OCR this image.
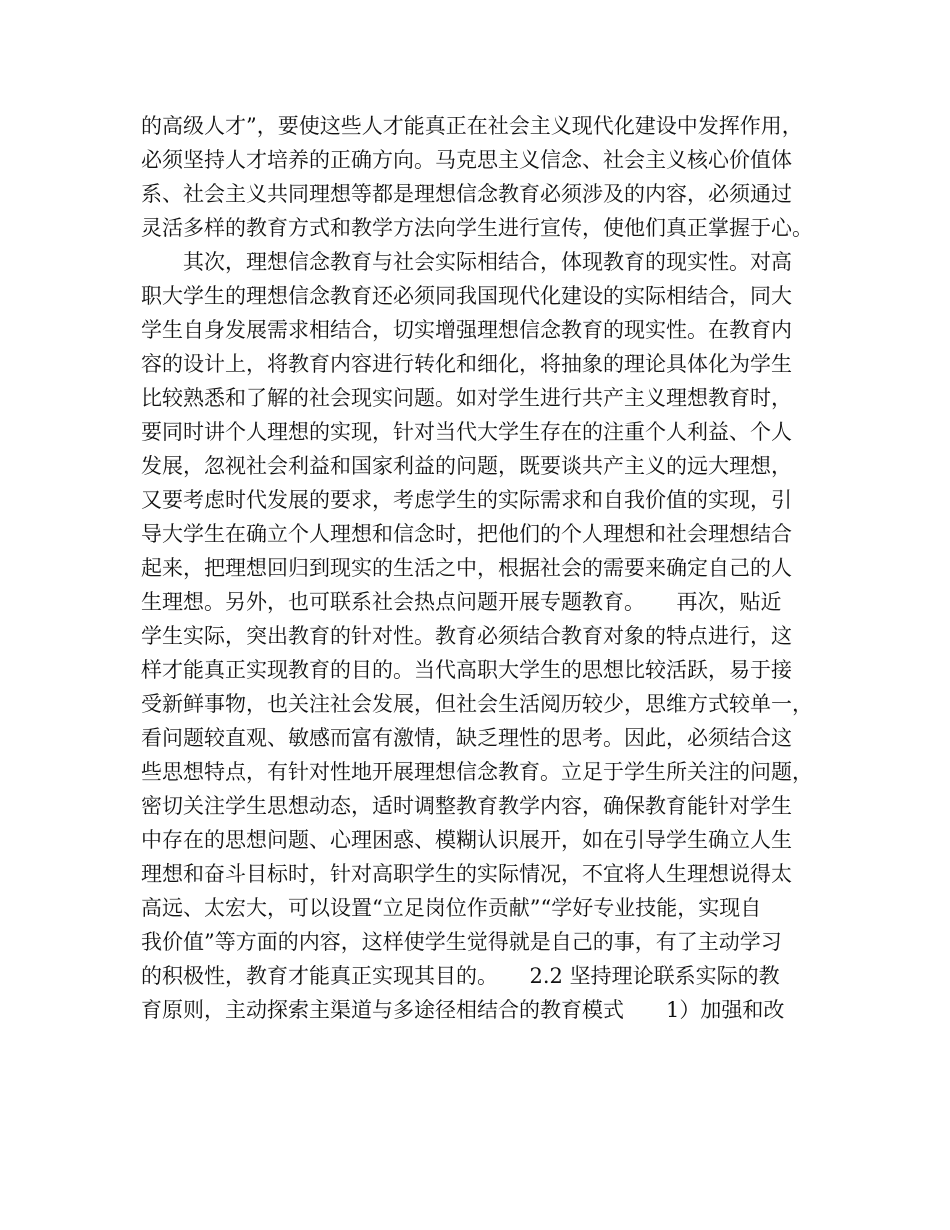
的高级人才”，要使这些人才能真正在社会主义现代化建设中发挥作用，
必须坚持人才培养的正确方向。马克思主义信念、社会主义核心价值体
系、社会主义共同理想等都是理想信念教育必须涉及的内容，必须通过
灵活多样的教育方式和教学方法向学生进行宣传，使他们真正掌握于心。
　　其次，理想信念教育与社会实际相结合，体现教育的现实性。对高
职大学生的理想信念教育还必须同我国现代化建设的实际相结合，同大
学生自身发展需求相结合，切实增强理想信念教育的现实性。在教育内
容的设计上，将教育内容进行转化和细化，将抽象的理论具体化为学生
比较熟悉和了解的社会现实问题。如对学生进行共产主义理想教育时，
要同时讲个人理想的实现，针对当代大学生存在的注重个人利益、个人
发展，忽视社会利益和国家利益的问题，既要谈共产主义的远大理想，
又要考虑时代发展的要求，考虑学生的实际需求和自我价值的实现，引
导大学生在确立个人理想和信念时，把他们的个人理想和社会理想结合
起来，把理想回归到现实的生活之中，根据社会的需要来确定自己的人
生理想。另外，也可联系社会热点问题开展专题教育。　　再次，贴近
学生实际，突出教育的针对性。教育必须结合教育对象的特点进行，这
样才能真正实现教育的目的。当代高职大学生的思想比较活跃，易于接
受新鲜事物，也关注社会发展，但社会生活阅历较少，思维方式较单一，
看问题较直观、敏感而富有激情，缺乏理性的思考。因此，必须结合这
些思想特点，有针对性地开展理想信念教育。立足于学生所关注的问题，
密切关注学生思想动态，适时调整教育教学内容，确保教育能针对学生
中存在的思想问题、心理困惑、模糊认识展开，如在引导学生确立人生
理想和奋斗目标时，针对高职学生的实际情况，不宜将人生理想说得太
高远、太宏大，可以设置“立足岗位作贡献”“学好专业技能，实现自
我价值”等方面的内容，这样使学生觉得就是自己的事，有了主动学习
的积极性，教育才能真正实现其目的。　　2.2 坚持理论联系实际的教
育原则，主动探索主渠道与多途径相结合的教育模式　　1）加强和改
